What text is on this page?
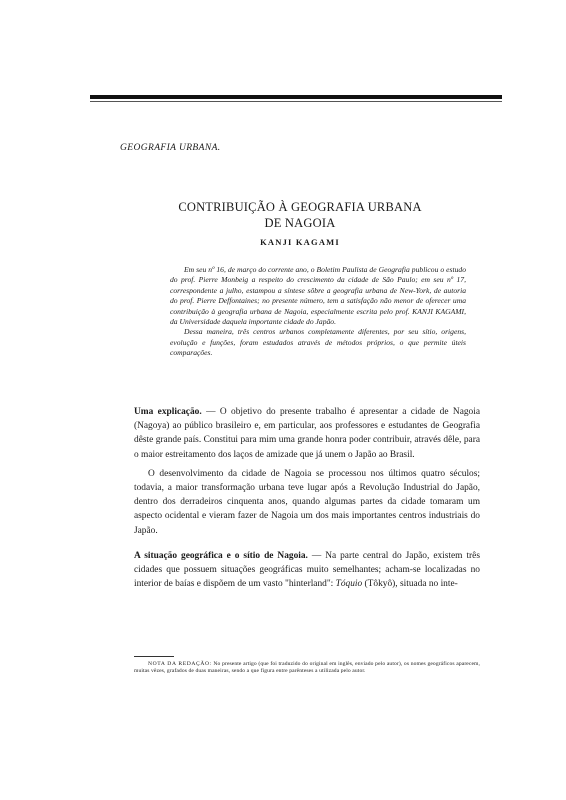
GEOGRAFIA URBANA.
CONTRIBUIÇÃO À GEOGRAFIA URBANA
DE NAGOIA
KANJI KAGAMI

Em seu nº 16, de março do corrente ano, o Boletim Paulista de Geografia publicou o estudo do prof. Pierre Monbeig a respeito do crescimento da cidade de São Paulo; em seu nº 17, correspondente a julho, estampou a síntese sôbre a geografia urbana de New-York, de autoria do prof. Pierre Deffontaines; no presente número, tem a satisfação não menor de oferecer uma contribuição à geografia urbana de Nagoia, especialmente escrita pelo prof. KANJI KAGAMI, da Universidade daquela importante cidade do Japão.

Dessa maneira, três centros urbanos completamente diferentes, por seu sítio, origens, evolução e funções, foram estudados através de métodos próprios, o que permite úteis comparações.

Uma explicação. — O objetivo do presente trabalho é apresentar a cidade de Nagoia (Nagoya) ao público brasileiro e, em particular, aos professores e estudantes de Geografia dêste grande país. Constitui para mim uma grande honra poder contribuir, através dêle, para o maior estreitamento dos laços de amizade que já unem o Japão ao Brasil.

O desenvolvimento da cidade de Nagoia se processou nos últimos quatro séculos; todavia, a maior transformação urbana teve lugar após a Revolução Industrial do Japão, dentro dos derradeiros cinquenta anos, quando algumas partes da cidade tomaram um aspecto ocidental e vieram fazer de Nagoia um dos mais importantes centros industriais do Japão.

A situação geográfica e o sítio de Nagoia. — Na parte central do Japão, existem três cidades que possuem situações geográficas muito semelhantes; acham-se localizadas no interior de baías e dispõem de um vasto "hinterland": Tóquio (Tôkyô), situada no inte-

NOTA DA REDAÇÃO: No presente artigo (que foi traduzido do original em inglês, enviado pelo autor), os nomes geográficos aparecem, muitas vêzes, grafados de duas maneiras, sendo a que figura entre parênteses a utilizada pelo autor.
